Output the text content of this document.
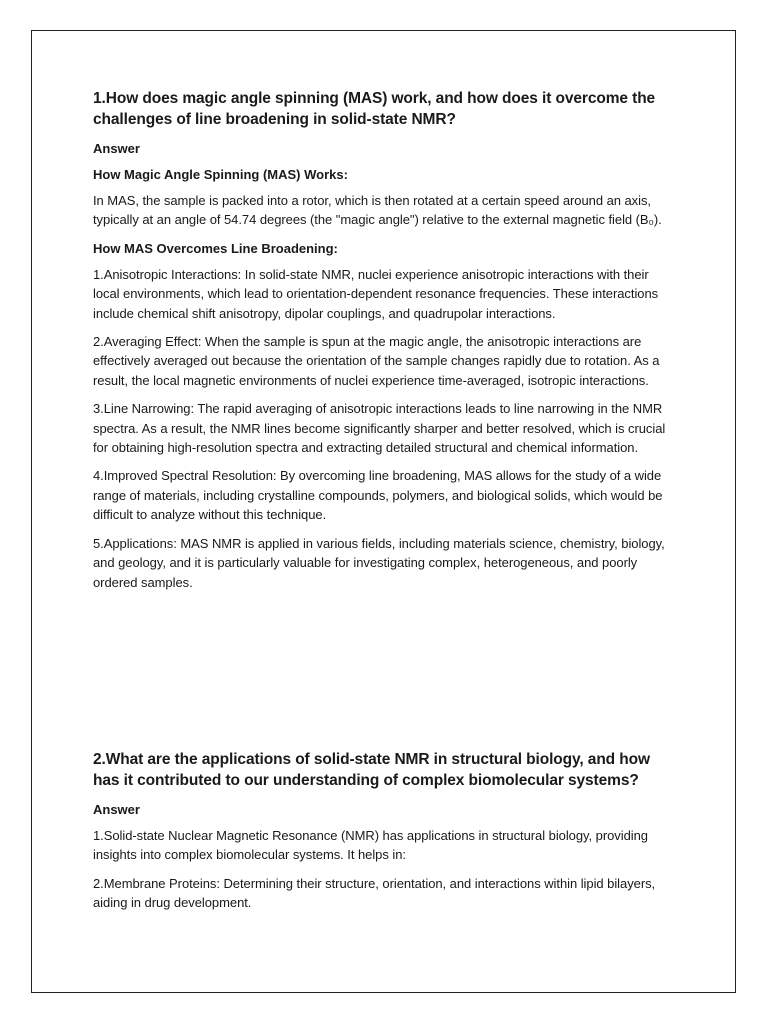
1.How does magic angle spinning (MAS) work, and how does it overcome the challenges of line broadening in solid-state NMR?
Answer
How Magic Angle Spinning (MAS) Works:
In MAS, the sample is packed into a rotor, which is then rotated at a certain speed around an axis, typically at an angle of 54.74 degrees (the "magic angle") relative to the external magnetic field (B₀).
How MAS Overcomes Line Broadening:
1.Anisotropic Interactions: In solid-state NMR, nuclei experience anisotropic interactions with their local environments, which lead to orientation-dependent resonance frequencies. These interactions include chemical shift anisotropy, dipolar couplings, and quadrupolar interactions.
2.Averaging Effect: When the sample is spun at the magic angle, the anisotropic interactions are effectively averaged out because the orientation of the sample changes rapidly due to rotation. As a result, the local magnetic environments of nuclei experience time-averaged, isotropic interactions.
3.Line Narrowing: The rapid averaging of anisotropic interactions leads to line narrowing in the NMR spectra. As a result, the NMR lines become significantly sharper and better resolved, which is crucial for obtaining high-resolution spectra and extracting detailed structural and chemical information.
4.Improved Spectral Resolution: By overcoming line broadening, MAS allows for the study of a wide range of materials, including crystalline compounds, polymers, and biological solids, which would be difficult to analyze without this technique.
5.Applications: MAS NMR is applied in various fields, including materials science, chemistry, biology, and geology, and it is particularly valuable for investigating complex, heterogeneous, and poorly ordered samples.
2.What are the applications of solid-state NMR in structural biology, and how has it contributed to our understanding of complex biomolecular systems?
Answer
1.Solid-state Nuclear Magnetic Resonance (NMR) has applications in structural biology, providing insights into complex biomolecular systems. It helps in:
2.Membrane Proteins: Determining their structure, orientation, and interactions within lipid bilayers, aiding in drug development.
